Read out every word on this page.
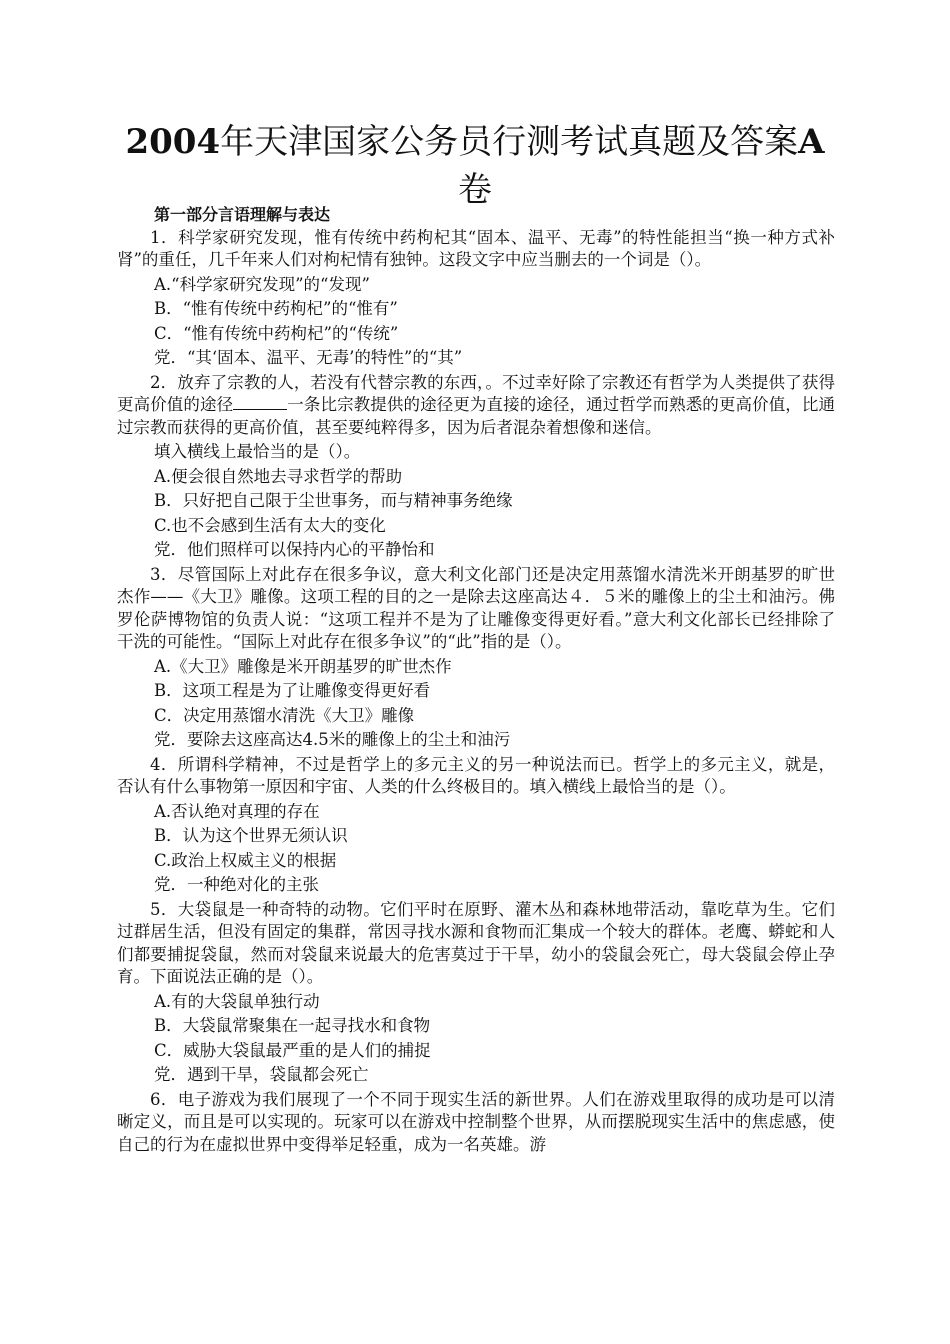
2004年天津国家公务员行测考试真题及答案A
卷

第一部分言语理解与表达

1．科学家研究发现，惟有传统中药枸杞其“固本、温平、无毒”的特性能担当“换一种方式补肾”的重任，几千年来人们对枸杞情有独钟。这段文字中应当删去的一个词是（）。

A.“科学家研究发现”的“发现”

B．“惟有传统中药枸杞”的“惟有”

C．“惟有传统中药枸杞”的“传统”

党．“其‘固本、温平、无毒’的特性”的“其”

2．放弃了宗教的人，若没有代替宗教的东西，。不过幸好除了宗教还有哲学为人类提供了获得更高价值的途径	一条比宗教提供的途径更为直接的途径，通过哲学而熟悉的更高价值，比通过宗教而获得的更高价值，甚至要纯粹得多，因为后者混杂着想像和迷信。

填入横线上最恰当的是（）。

A.便会很自然地去寻求哲学的帮助

B．只好把自己限于尘世事务，而与精神事务绝缘

C.也不会感到生活有太大的变化

党．他们照样可以保持内心的平静怡和

3．尽管国际上对此存在很多争议，意大利文化部门还是决定用蒸馏水清洗米开朗基罗的旷世杰作——《大卫》雕像。这项工程的目的之一是除去这座高达４．５米的雕像上的尘土和油污。佛罗伦萨博物馆的负责人说：“这项工程并不是为了让雕像变得更好看。”意大利文化部长已经排除了干洗的可能性。“国际上对此存在很多争议”的“此”指的是（）。

A.《大卫》雕像是米开朗基罗的旷世杰作

B．这项工程是为了让雕像变得更好看

C．决定用蒸馏水清洗《大卫》雕像

党．要除去这座高达4.5米的雕像上的尘土和油污

4．所谓科学精神，不过是哲学上的多元主义的另一种说法而已。哲学上的多元主义，就是，否认有什么事物第一原因和宇宙、人类的什么终极目的。填入横线上最恰当的是（）。

A.否认绝对真理的存在

B．认为这个世界无须认识

C.政治上权威主义的根据

党．一种绝对化的主张

5．大袋鼠是一种奇特的动物。它们平时在原野、灌木丛和森林地带活动，靠吃草为生。它们过群居生活，但没有固定的集群，常因寻找水源和食物而汇集成一个较大的群体。老鹰、蟒蛇和人们都要捕捉袋鼠，然而对袋鼠来说最大的危害莫过于干旱，幼小的袋鼠会死亡，母大袋鼠会停止孕育。下面说法正确的是（）。

A.有的大袋鼠单独行动

B．大袋鼠常聚集在一起寻找水和食物

C．威胁大袋鼠最严重的是人们的捕捉

党．遇到干旱，袋鼠都会死亡

6．电子游戏为我们展现了一个不同于现实生活的新世界。人们在游戏里取得的成功是可以清晰定义，而且是可以实现的。玩家可以在游戏中控制整个世界，从而摆脱现实生活中的焦虑感，使自己的行为在虚拟世界中变得举足轻重，成为一名英雄。游
